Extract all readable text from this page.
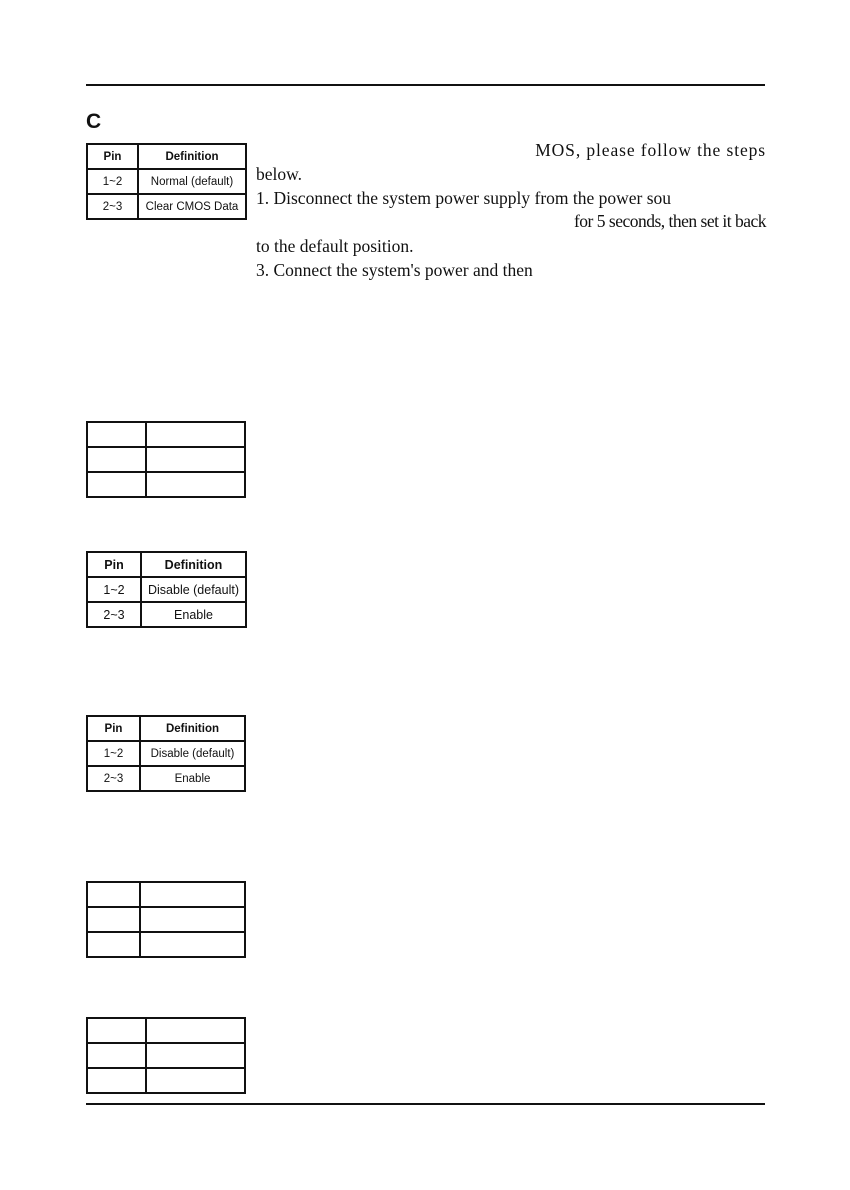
C
MOS, please follow the steps
below.
1. Disconnect the system power supply from the power sou
for 5 seconds, then set it back
to the default position.
3. Connect the system's power and then
Pin	Definition
1~2	Normal (default)
2~3	Clear CMOS Data

Pin	Definition
1~2	Disable (default)
2~3	Enable
Pin	Definition
1~2	Disable (default)
2~3	Enable
